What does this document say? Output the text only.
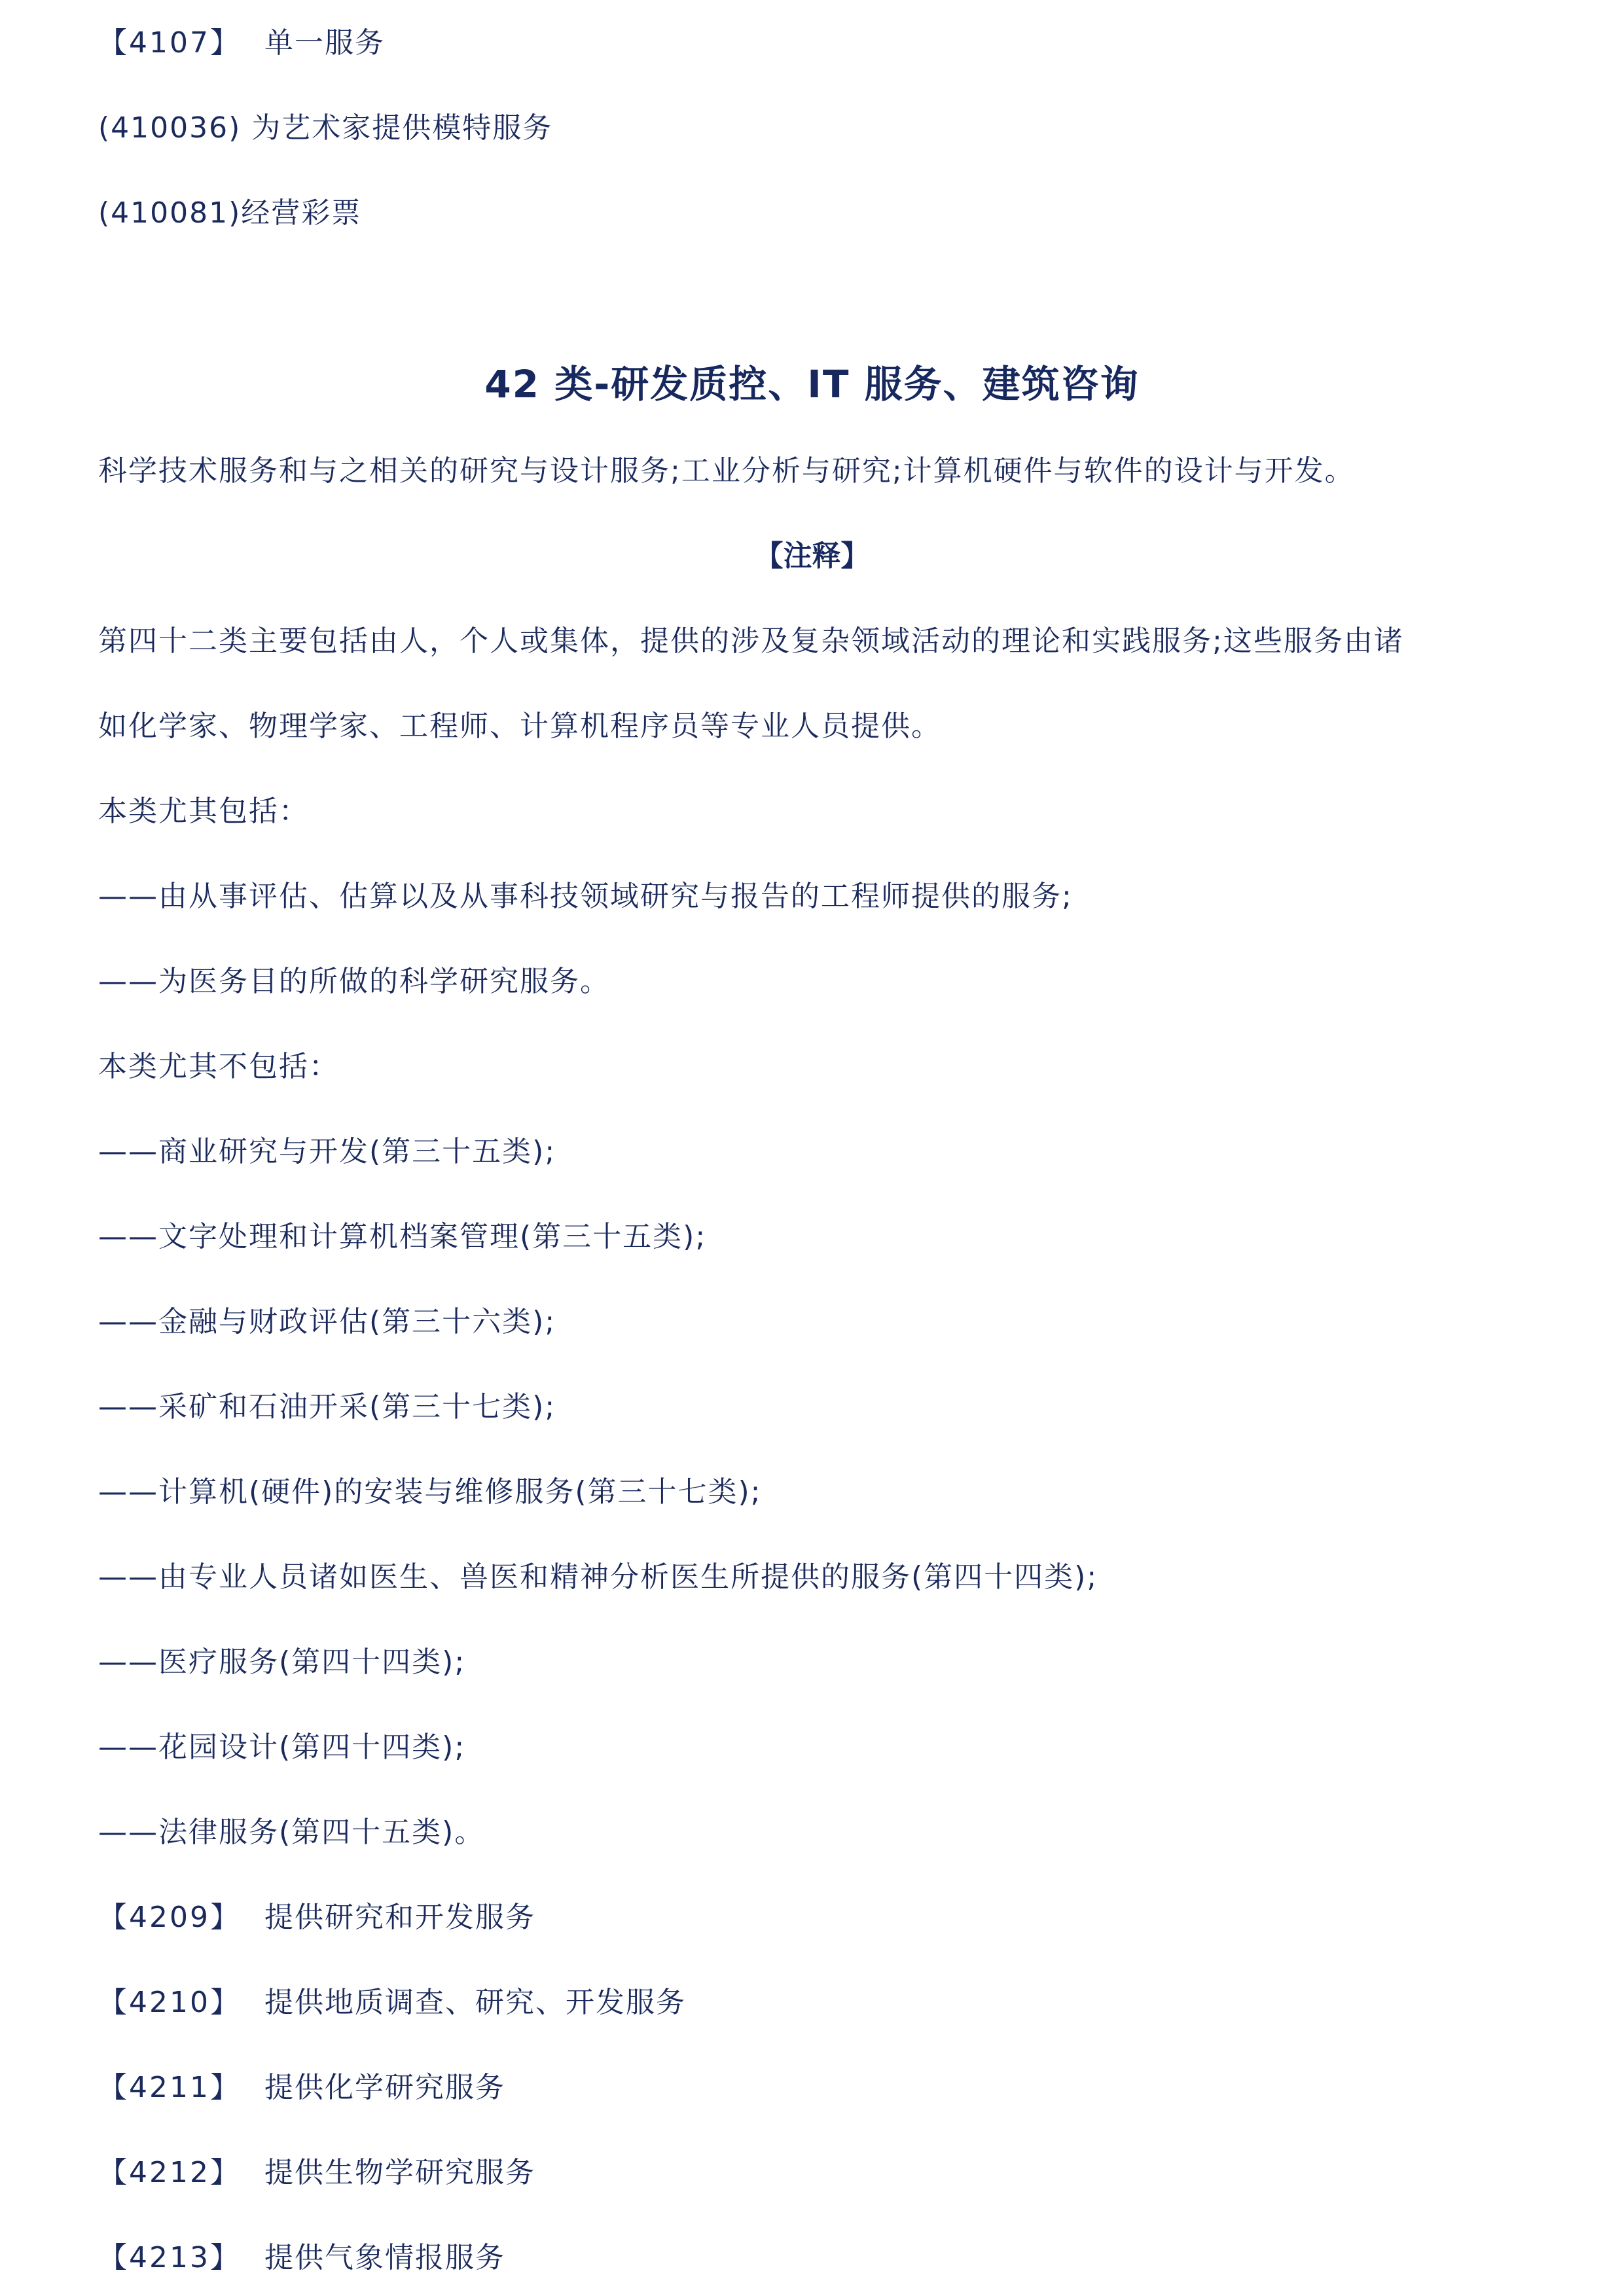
【4107】 单一服务
(410036) 为艺术家提供模特服务
(410081)经营彩票
42 类-研发质控、IT 服务、建筑咨询
科学技术服务和与之相关的研究与设计服务;工业分析与研究;计算机硬件与软件的设计与开发。
【注释】
第四十二类主要包括由人，个人或集体，提供的涉及复杂领域活动的理论和实践服务;这些服务由诸
如化学家、物理学家、工程师、计算机程序员等专业人员提供。
本类尤其包括：
——由从事评估、估算以及从事科技领域研究与报告的工程师提供的服务;
——为医务目的所做的科学研究服务。
本类尤其不包括：
——商业研究与开发(第三十五类);
——文字处理和计算机档案管理(第三十五类);
——金融与财政评估(第三十六类);
——采矿和石油开采(第三十七类);
——计算机(硬件)的安装与维修服务(第三十七类);
——由专业人员诸如医生、兽医和精神分析医生所提供的服务(第四十四类);
——医疗服务(第四十四类);
——花园设计(第四十四类);
——法律服务(第四十五类)。
【4209】 提供研究和开发服务
【4210】 提供地质调查、研究、开发服务
【4211】 提供化学研究服务
【4212】 提供生物学研究服务
【4213】 提供气象情报服务
